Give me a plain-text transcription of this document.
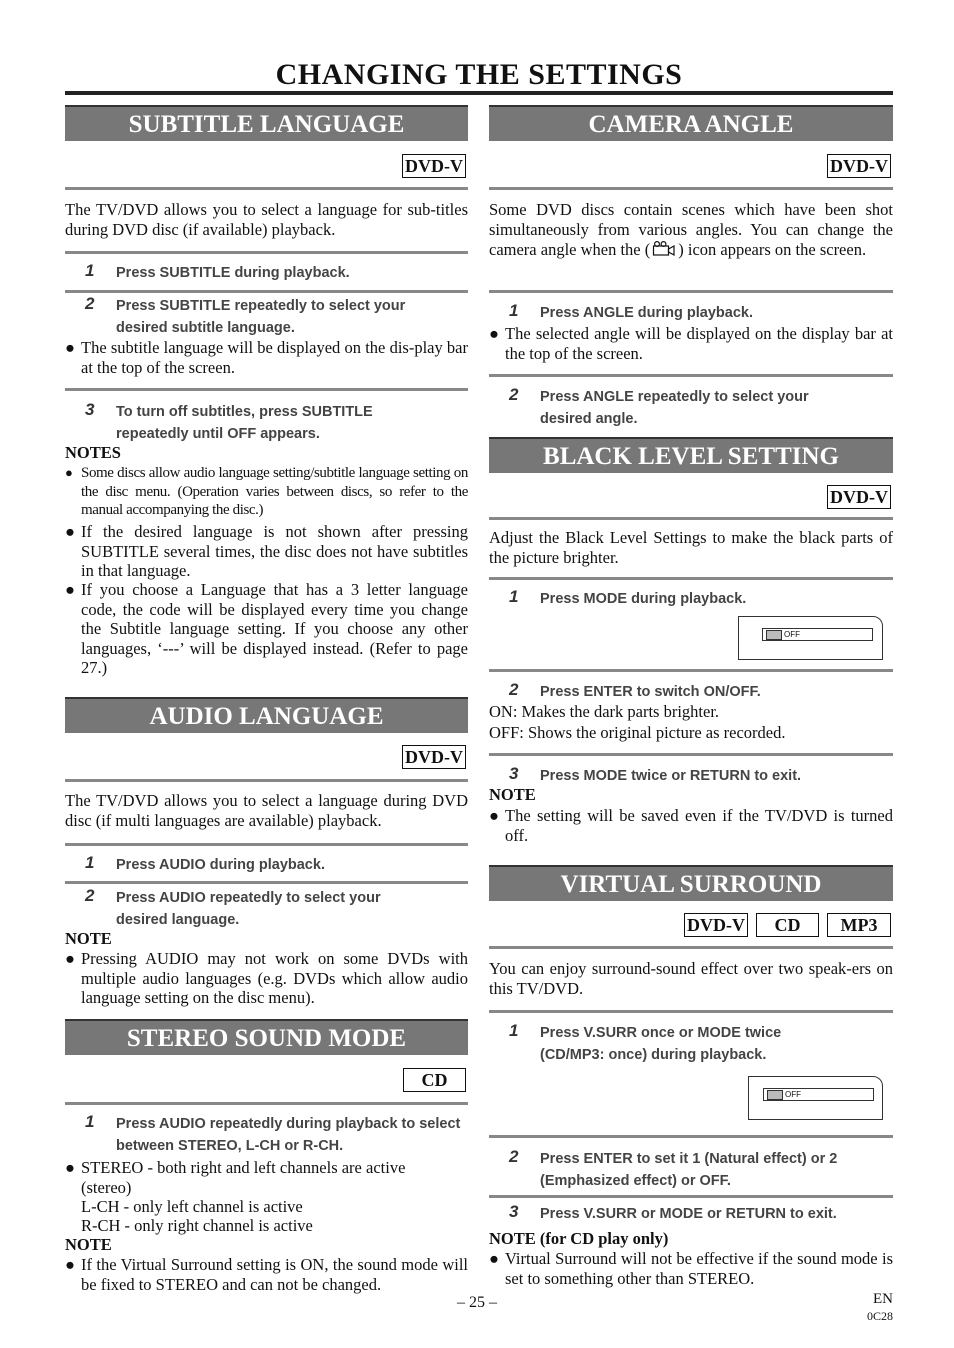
CHANGING THE SETTINGS
SUBTITLE LANGUAGE
DVD-V
The TV/DVD allows you to select a language for sub-titles during DVD disc (if available) playback.
1 Press SUBTITLE during playback.
2 Press SUBTITLE repeatedly to select your desired subtitle language.
● The subtitle language will be displayed on the dis-play bar at the top of the screen.
3 To turn off subtitles, press SUBTITLE repeatedly until OFF appears.
NOTES
● Some discs allow audio language setting/subtitle language setting on the disc menu. (Operation varies between discs, so refer to the manual accompanying the disc.)
● If the desired language is not shown after pressing SUBTITLE several times, the disc does not have subtitles in that language.
● If you choose a Language that has a 3 letter language code, the code will be displayed every time you change the Subtitle language setting. If you choose any other languages, ‘---’ will be displayed instead. (Refer to page 27.)
AUDIO LANGUAGE
DVD-V
The TV/DVD allows you to select a language during DVD disc (if multi languages are available) playback.
1 Press AUDIO during playback.
2 Press AUDIO repeatedly to select your desired language.
NOTE
● Pressing AUDIO may not work on some DVDs with multiple audio languages (e.g. DVDs which allow audio language setting on the disc menu).
STEREO SOUND MODE
CD
1 Press AUDIO repeatedly during playback to select between STEREO, L-CH or R-CH.
● STEREO - both right and left channels are active (stereo)
L-CH - only left channel is active
R-CH - only right channel is active
NOTE
● If the Virtual Surround setting is ON, the sound mode will be fixed to STEREO and can not be changed.
CAMERA ANGLE
DVD-V
Some DVD discs contain scenes which have been shot simultaneously from various angles. You can change the camera angle when the ( ) icon appears on the screen.
1 Press ANGLE during playback.
● The selected angle will be displayed on the display bar at the top of the screen.
2 Press ANGLE repeatedly to select your desired angle.
BLACK LEVEL SETTING
DVD-V
Adjust the Black Level Settings to make the black parts of the picture brighter.
1 Press MODE during playback.
OFF
2 Press ENTER to switch ON/OFF.
ON: Makes the dark parts brighter.
OFF: Shows the original picture as recorded.
3 Press MODE twice or RETURN to exit.
NOTE
● The setting will be saved even if the TV/DVD is turned off.
VIRTUAL SURROUND
DVD-V	CD	MP3
You can enjoy surround-sound effect over two speak-ers on this TV/DVD.
1 Press V.SURR once or MODE twice (CD/MP3: once) during playback.
OFF
2 Press ENTER to set it 1 (Natural effect) or 2 (Emphasized effect) or OFF.
3 Press V.SURR or MODE or RETURN to exit.
NOTE (for CD play only)
● Virtual Surround will not be effective if the sound mode is set to something other than STEREO.
– 25 –	EN
0C28
